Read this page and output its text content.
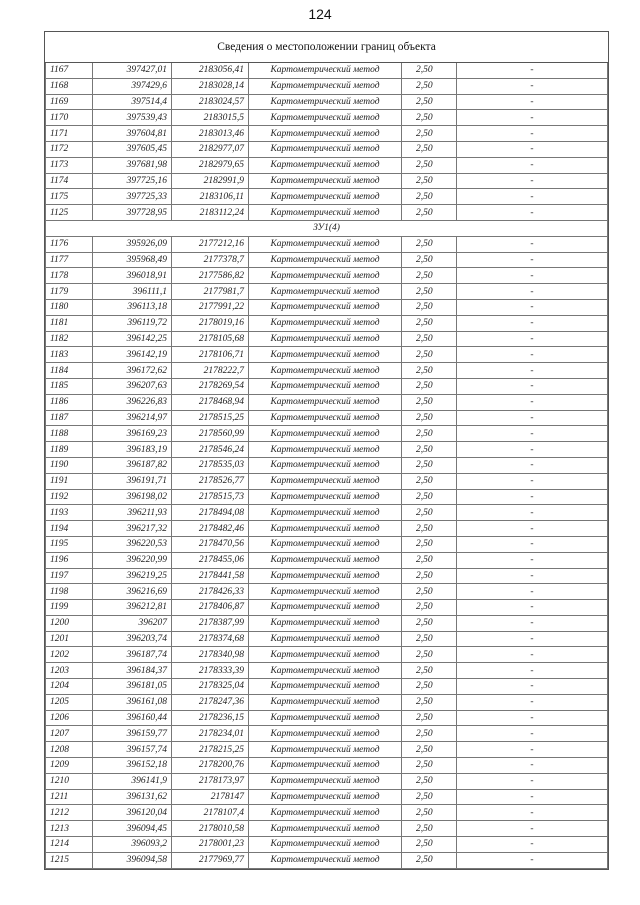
124
Сведения о местоположении границ объекта
1167	397427,01	2183056,41	Картометрический метод	2,50	-
1168	397429,6	2183028,14	Картометрический метод	2,50	-
1169	397514,4	2183024,57	Картометрический метод	2,50	-
1170	397539,43	2183015,5	Картометрический метод	2,50	-
1171	397604,81	2183013,46	Картометрический метод	2,50	-
1172	397605,45	2182977,07	Картометрический метод	2,50	-
1173	397681,98	2182979,65	Картометрический метод	2,50	-
1174	397725,16	2182991,9	Картометрический метод	2,50	-
1175	397725,33	2183106,11	Картометрический метод	2,50	-
1125	397728,95	2183112,24	Картометрический метод	2,50	-
ЗУ1(4)					
1176	395926,09	2177212,16	Картометрический метод	2,50	-
1177	395968,49	2177378,7	Картометрический метод	2,50	-
1178	396018,91	2177586,82	Картометрический метод	2,50	-
1179	396111,1	2177981,7	Картометрический метод	2,50	-
1180	396113,18	2177991,22	Картометрический метод	2,50	-
1181	396119,72	2178019,16	Картометрический метод	2,50	-
1182	396142,25	2178105,68	Картометрический метод	2,50	-
1183	396142,19	2178106,71	Картометрический метод	2,50	-
1184	396172,62	2178222,7	Картометрический метод	2,50	-
1185	396207,63	2178269,54	Картометрический метод	2,50	-
1186	396226,83	2178468,94	Картометрический метод	2,50	-
1187	396214,97	2178515,25	Картометрический метод	2,50	-
1188	396169,23	2178560,99	Картометрический метод	2,50	-
1189	396183,19	2178546,24	Картометрический метод	2,50	-
1190	396187,82	2178535,03	Картометрический метод	2,50	-
1191	396191,71	2178526,77	Картометрический метод	2,50	-
1192	396198,02	2178515,73	Картометрический метод	2,50	-
1193	396211,93	2178494,08	Картометрический метод	2,50	-
1194	396217,32	2178482,46	Картометрический метод	2,50	-
1195	396220,53	2178470,56	Картометрический метод	2,50	-
1196	396220,99	2178455,06	Картометрический метод	2,50	-
1197	396219,25	2178441,58	Картометрический метод	2,50	-
1198	396216,69	2178426,33	Картометрический метод	2,50	-
1199	396212,81	2178406,87	Картометрический метод	2,50	-
1200	396207	2178387,99	Картометрический метод	2,50	-
1201	396203,74	2178374,68	Картометрический метод	2,50	-
1202	396187,74	2178340,98	Картометрический метод	2,50	-
1203	396184,37	2178333,39	Картометрический метод	2,50	-
1204	396181,05	2178325,04	Картометрический метод	2,50	-
1205	396161,08	2178247,36	Картометрический метод	2,50	-
1206	396160,44	2178236,15	Картометрический метод	2,50	-
1207	396159,77	2178234,01	Картометрический метод	2,50	-
1208	396157,74	2178215,25	Картометрический метод	2,50	-
1209	396152,18	2178200,76	Картометрический метод	2,50	-
1210	396141,9	2178173,97	Картометрический метод	2,50	-
1211	396131,62	2178147	Картометрический метод	2,50	-
1212	396120,04	2178107,4	Картометрический метод	2,50	-
1213	396094,45	2178010,58	Картометрический метод	2,50	-
1214	396093,2	2178001,23	Картометрический метод	2,50	-
1215	396094,58	2177969,77	Картометрический метод	2,50	-
